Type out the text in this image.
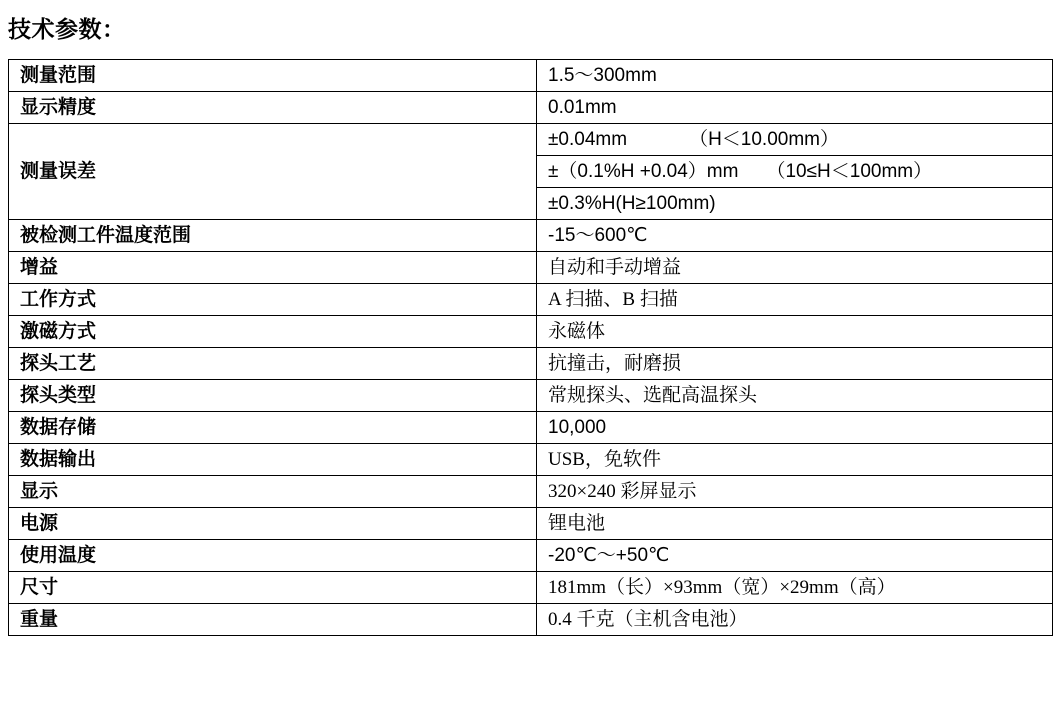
技术参数：
测量范围	1.5～300mm
显示精度	0.01mm
测量误差	±0.04mm （H＜10.00mm）
	±（0.1%H +0.04）mm （10≤H＜100mm）
	±0.3%H(H≥100mm)
被检测工件温度范围	-15～600℃
增益	自动和手动增益
工作方式	A 扫描、B 扫描
激磁方式	永磁体
探头工艺	抗撞击，耐磨损
探头类型	常规探头、选配高温探头
数据存储	10,000
数据输出	USB，免软件
显示	320×240 彩屏显示
电源	锂电池
使用温度	-20℃～+50℃
尺寸	181mm（长）×93mm（宽）×29mm（高）
重量	0.4 千克（主机含电池）
